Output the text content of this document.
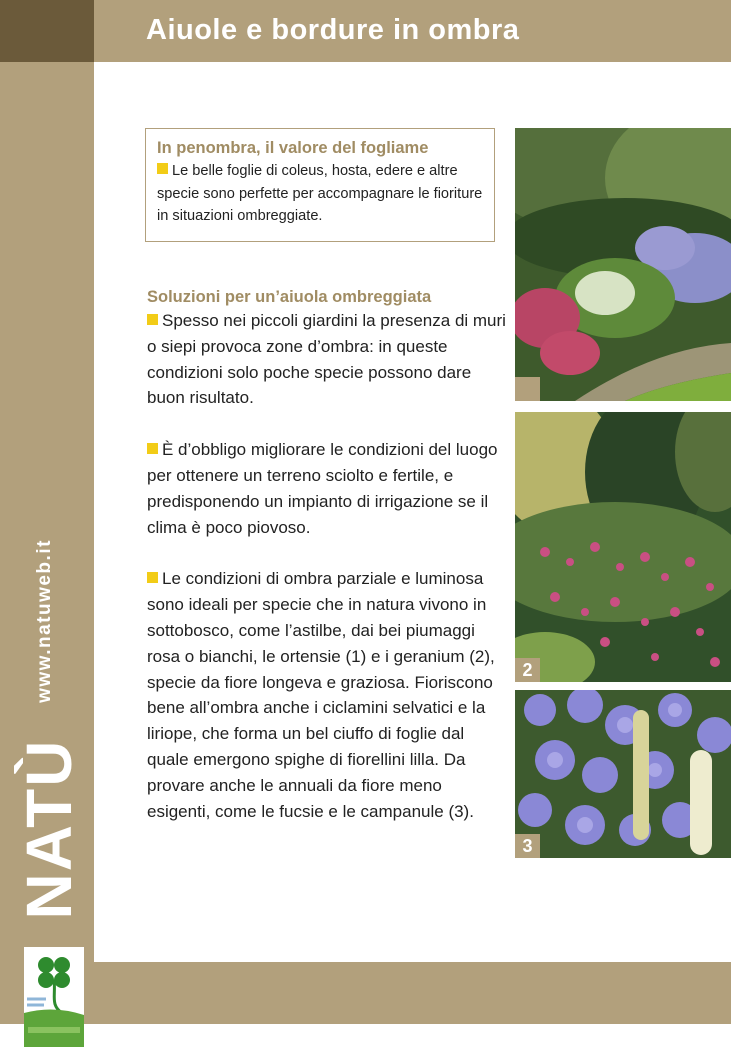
Aiuole e bordure in ombra
www.natuweb.it
NATÙ
In penombra, il valore del fogliame

Le belle foglie di coleus, hosta, edere e altre specie sono perfette per accompagnare le fioriture in situazioni ombreggiate.

Soluzioni per un’aiuola ombreggiata

Spesso nei piccoli giardini la presenza di muri o siepi provoca zone d’ombra: in queste condizioni solo poche specie possono dare buon risultato.

È d’obbligo migliorare le condizioni del luogo per ottenere un terreno sciolto e fertile, e predisponendo un impianto di irrigazione se il clima è poco piovoso.

Le condizioni di ombra parziale e luminosa sono ideali per specie che in natura vivono in sottobosco, come l’astilbe, dai bei piumaggi rosa o bianchi, le ortensie (1) e i geranium (2), specie da fiore longeva e graziosa. Fioriscono bene all’ombra anche i ciclamini selvatici e la liriope, che forma un bel ciuffo di foglie dal quale emergono spighe di fiorellini lilla. Da provare anche le annuali da fiore meno esigenti, come le fucsie e le campanule (3).

2
3
